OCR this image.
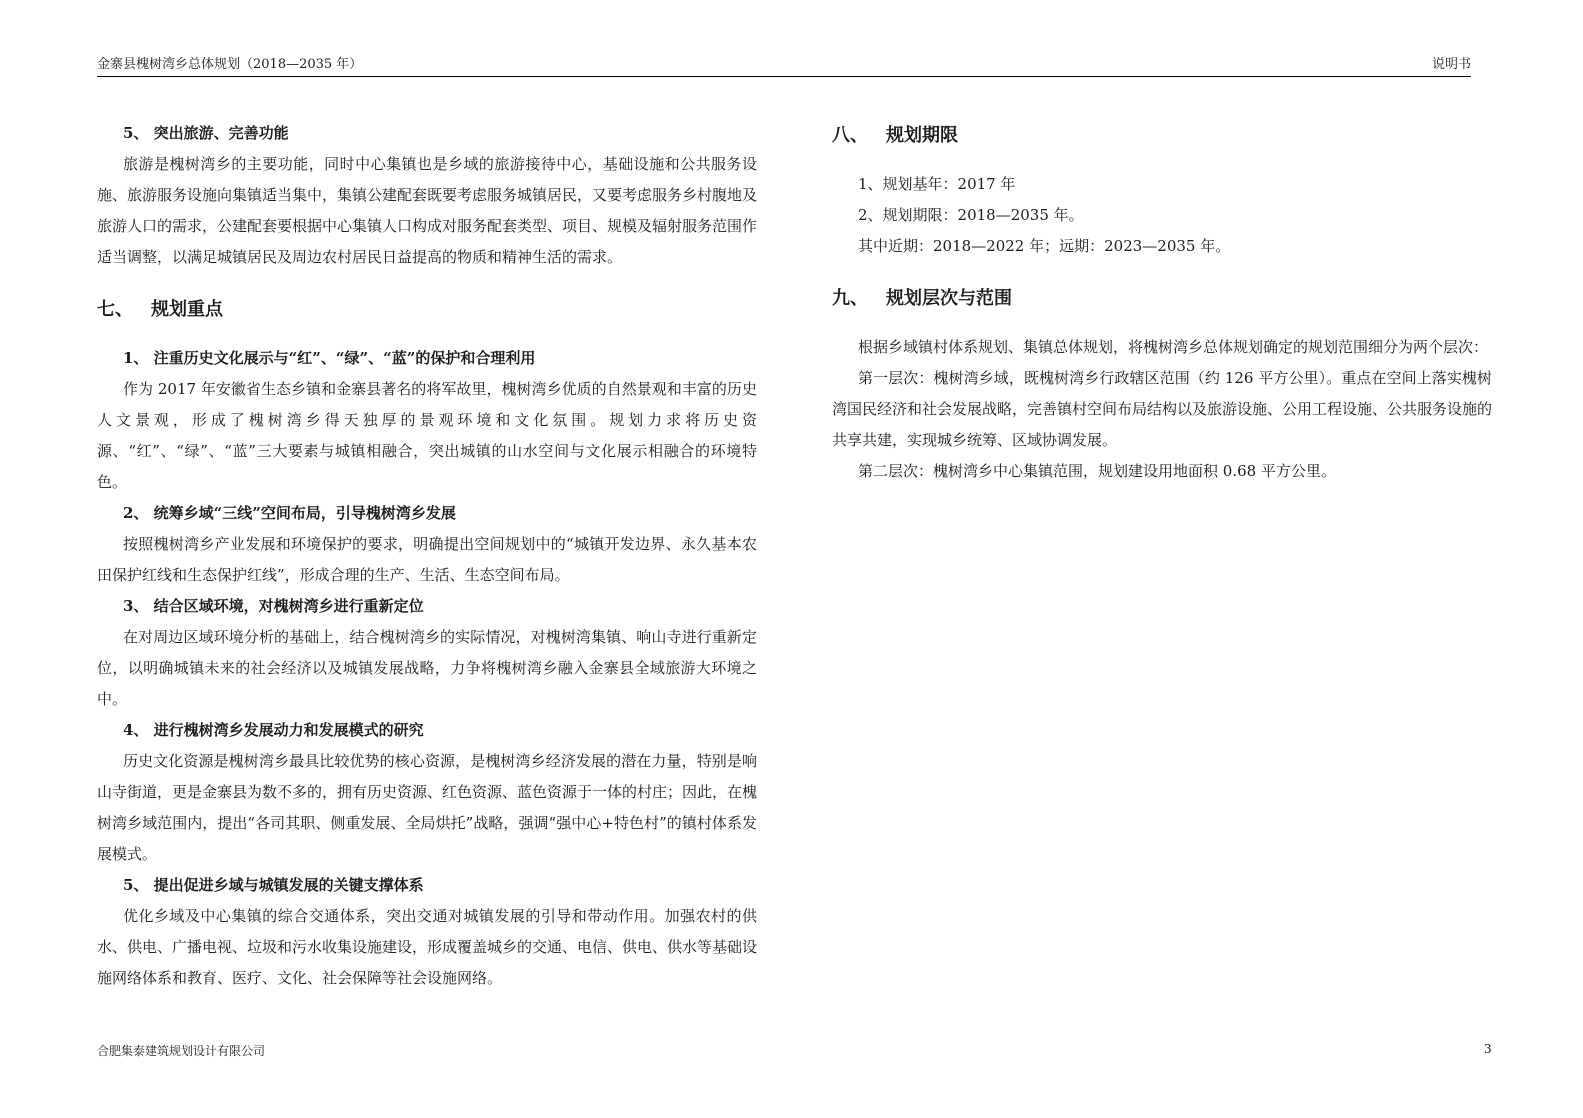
金寨县槐树湾乡总体规划（2018—2035 年）	说明书
5、 突出旅游、完善功能
旅游是槐树湾乡的主要功能，同时中心集镇也是乡域的旅游接待中心，基础设施和公共服务设施、旅游服务设施向集镇适当集中，集镇公建配套既要考虑服务城镇居民，又要考虑服务乡村腹地及旅游人口的需求，公建配套要根据中心集镇人口构成对服务配套类型、项目、规模及辐射服务范围作适当调整，以满足城镇居民及周边农村居民日益提高的物质和精神生活的需求。
七、 规划重点
1、 注重历史文化展示与“红”、“绿”、“蓝”的保护和合理利用
作为 2017 年安徽省生态乡镇和金寨县著名的将军故里，槐树湾乡优质的自然景观和丰富的历史人文景观，形成了槐树湾乡得天独厚的景观环境和文化氛围。规划力求将历史资源、“红”、“绿”、“蓝”三大要素与城镇相融合，突出城镇的山水空间与文化展示相融合的环境特色。
2、 统筹乡域“三线”空间布局，引导槐树湾乡发展
按照槐树湾乡产业发展和环境保护的要求，明确提出空间规划中的“城镇开发边界、永久基本农田保护红线和生态保护红线”，形成合理的生产、生活、生态空间布局。
3、 结合区域环境，对槐树湾乡进行重新定位
在对周边区域环境分析的基础上，结合槐树湾乡的实际情况，对槐树湾集镇、响山寺进行重新定位，以明确城镇未来的社会经济以及城镇发展战略，力争将槐树湾乡融入金寨县全域旅游大环境之中。
4、 进行槐树湾乡发展动力和发展模式的研究
历史文化资源是槐树湾乡最具比较优势的核心资源，是槐树湾乡经济发展的潜在力量，特别是响山寺街道，更是金寨县为数不多的，拥有历史资源、红色资源、蓝色资源于一体的村庄；因此，在槐树湾乡域范围内，提出“各司其职、侧重发展、全局烘托”战略，强调“强中心+特色村”的镇村体系发展模式。
5、 提出促进乡域与城镇发展的关键支撑体系
优化乡域及中心集镇的综合交通体系，突出交通对城镇发展的引导和带动作用。加强农村的供水、供电、广播电视、垃圾和污水收集设施建设，形成覆盖城乡的交通、电信、供电、供水等基础设施网络体系和教育、医疗、文化、社会保障等社会设施网络。
八、 规划期限
1、规划基年：2017 年
2、规划期限：2018—2035 年。
其中近期：2018—2022 年；远期：2023—2035 年。
九、 规划层次与范围
根据乡域镇村体系规划、集镇总体规划，将槐树湾乡总体规划确定的规划范围细分为两个层次：
第一层次：槐树湾乡域，既槐树湾乡行政辖区范围（约 126 平方公里）。重点在空间上落实槐树湾国民经济和社会发展战略，完善镇村空间布局结构以及旅游设施、公用工程设施、公共服务设施的共享共建，实现城乡统筹、区域协调发展。
第二层次：槐树湾乡中心集镇范围，规划建设用地面积 0.68 平方公里。
合肥集泰建筑规划设计有限公司	3
